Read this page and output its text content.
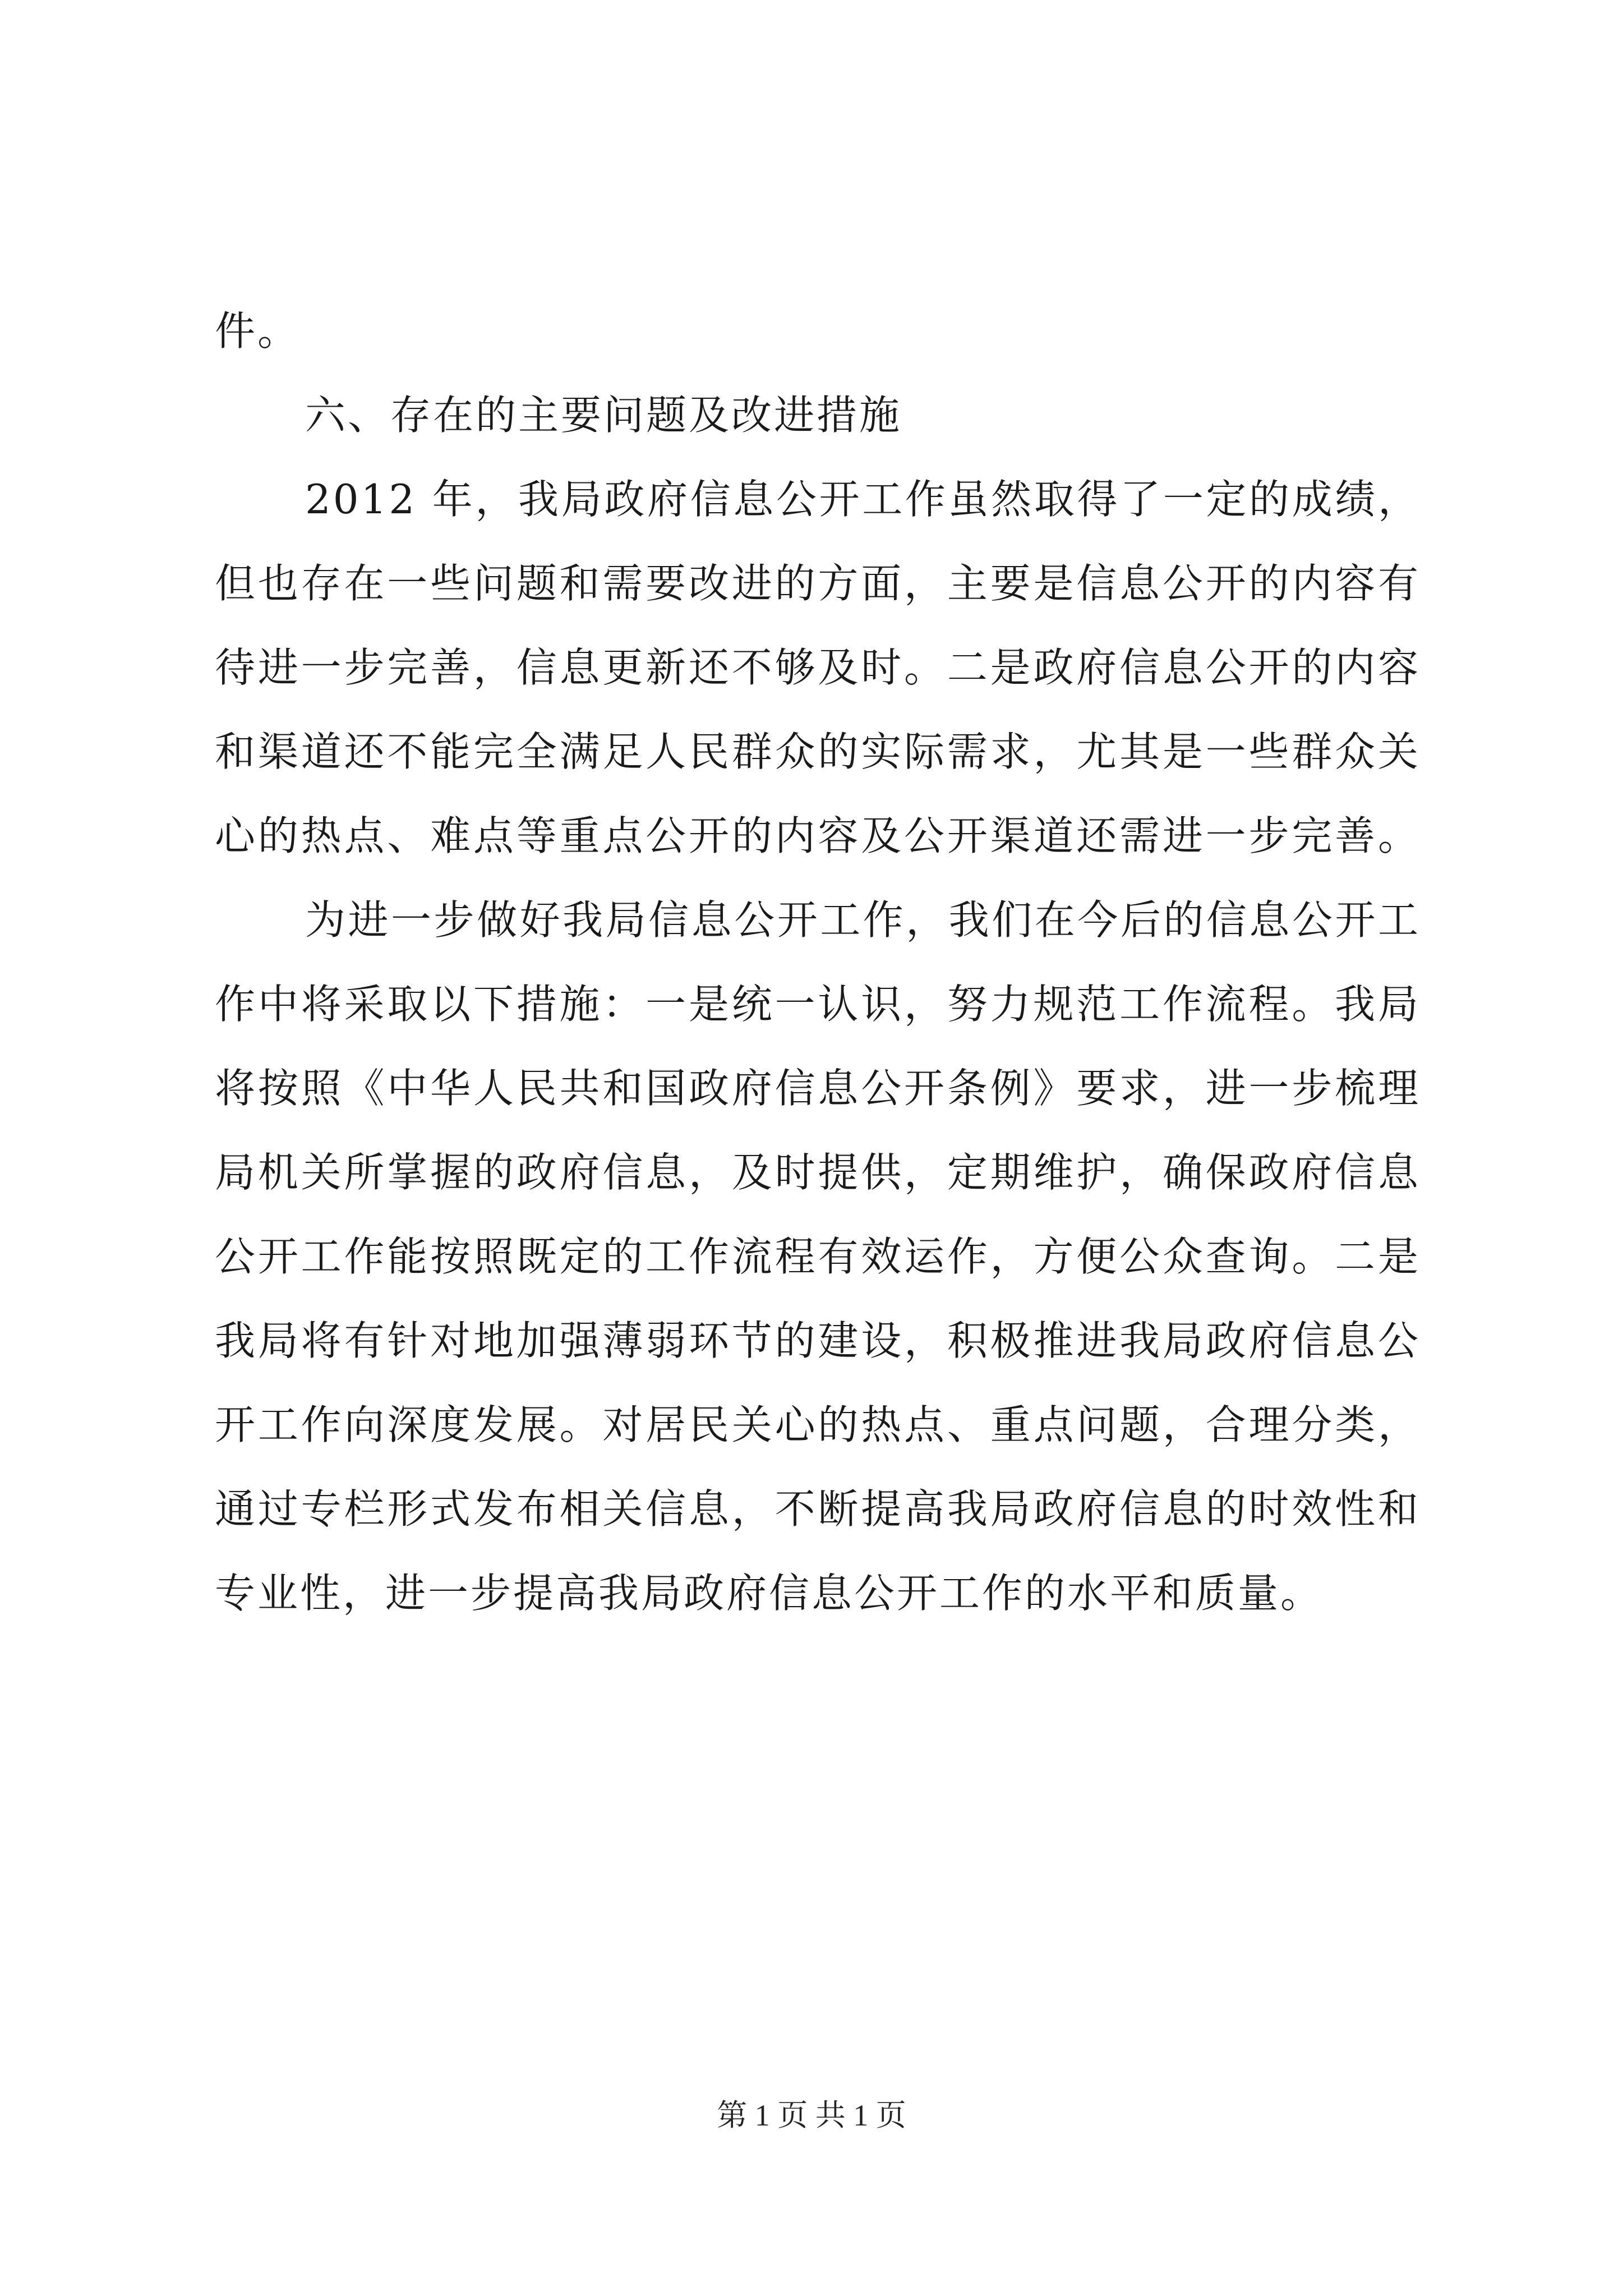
件。
六、存在的主要问题及改进措施
2012 年，我局政府信息公开工作虽然取得了一定的成绩，
但也存在一些问题和需要改进的方面，主要是信息公开的内容有
待进一步完善，信息更新还不够及时。二是政府信息公开的内容
和渠道还不能完全满足人民群众的实际需求，尤其是一些群众关
心的热点、难点等重点公开的内容及公开渠道还需进一步完善。
为进一步做好我局信息公开工作，我们在今后的信息公开工
作中将采取以下措施：一是统一认识，努力规范工作流程。我局
将按照《中华人民共和国政府信息公开条例》要求，进一步梳理
局机关所掌握的政府信息，及时提供，定期维护，确保政府信息
公开工作能按照既定的工作流程有效运作，方便公众查询。二是
我局将有针对地加强薄弱环节的建设，积极推进我局政府信息公
开工作向深度发展。对居民关心的热点、重点问题，合理分类，
通过专栏形式发布相关信息，不断提高我局政府信息的时效性和
专业性，进一步提高我局政府信息公开工作的水平和质量。
第 1 页 共 1 页
